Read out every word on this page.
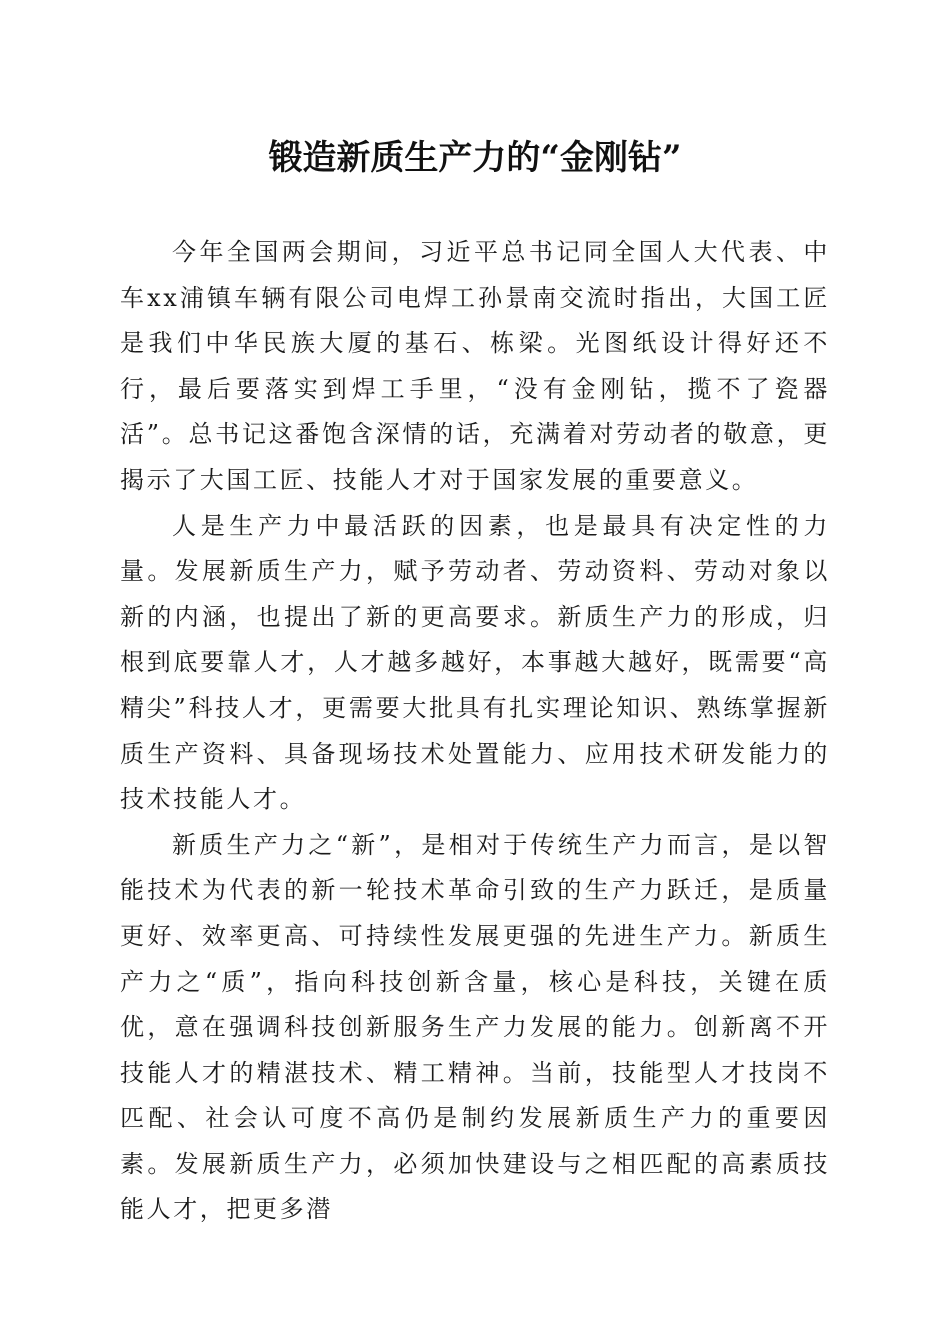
锻造新质生产力的“金刚钻”

今年全国两会期间，习近平总书记同全国人大代表、中车xx浦镇车辆有限公司电焊工孙景南交流时指出，大国工匠是我们中华民族大厦的基石、栋梁。光图纸设计得好还不行，最后要落实到焊工手里，“没有金刚钻，揽不了瓷器活”。总书记这番饱含深情的话，充满着对劳动者的敬意，更揭示了大国工匠、技能人才对于国家发展的重要意义。

人是生产力中最活跃的因素，也是最具有决定性的力量。发展新质生产力，赋予劳动者、劳动资料、劳动对象以新的内涵，也提出了新的更高要求。新质生产力的形成，归根到底要靠人才，人才越多越好，本事越大越好，既需要“高精尖”科技人才，更需要大批具有扎实理论知识、熟练掌握新质生产资料、具备现场技术处置能力、应用技术研发能力的技术技能人才。

新质生产力之“新”，是相对于传统生产力而言，是以智能技术为代表的新一轮技术革命引致的生产力跃迁，是质量更好、效率更高、可持续性发展更强的先进生产力。新质生产力之“质”，指向科技创新含量，核心是科技，关键在质优，意在强调科技创新服务生产力发展的能力。创新离不开技能人才的精湛技术、精工精神。当前，技能型人才技岗不匹配、社会认可度不高仍是制约发展新质生产力的重要因素。发展新质生产力，必须加快建设与之相匹配的高素质技能人才，把更多潜
